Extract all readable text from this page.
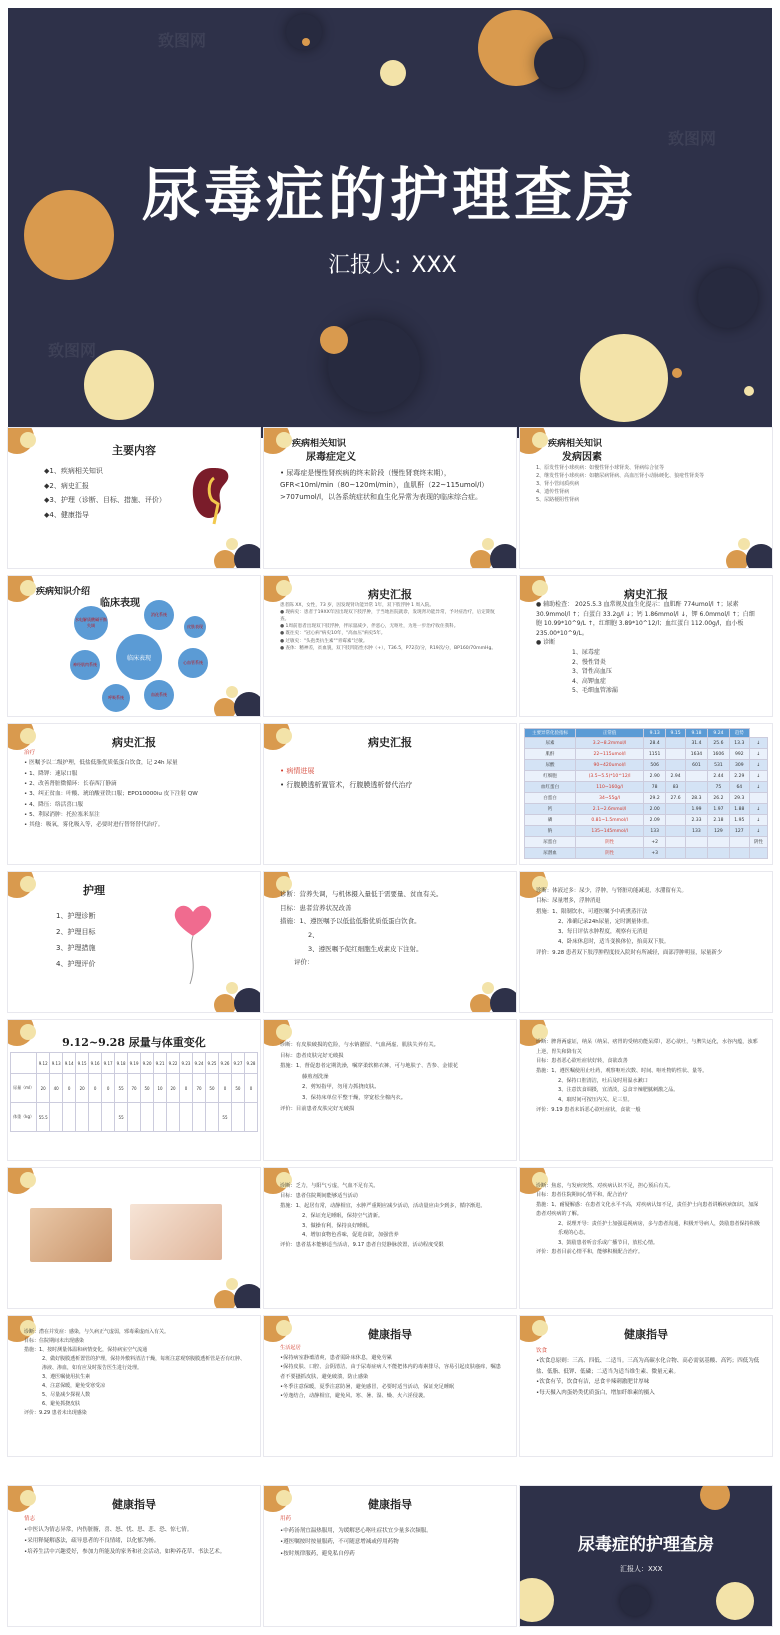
致图网
致图网
致图网
尿毒症的护理查房
汇报人: XXX
主要内容
◆1、疾病相关知识
◆2、病史汇报
◆3、护理（诊断、目标、措施、评价）
◆4、健康指导
疾病相关知识
尿毒症定义
• 尿毒症是慢性肾疾病的终末阶段（慢性肾衰终末期），GFR<10ml/min（80~120ml/min），血肌酐（22~115umol/l）>707umol/l，以各系统症状和血生化异常为表现的临床综合症。
疾病相关知识
发病因素
1、原发性肾小球疾病：如慢性肾小球肾炎、肾病综合征等
2、继发性肾小球疾病：如糖尿病肾病、高血压肾小动脉硬化、狼疮性肾炎等
3、肾小管间质疾病
4、遗传性肾病
5、尿路梗阻性肾病
疾病知识介绍
临床表现
临床表现
水电解质酸碱平衡失调
消化系统
心血管系统
血液系统
呼吸系统
神经肌肉系统
皮肤表现
病史汇报
患者陈 XX，女性，73 岁，因发现肾功能异常 1年，双下肢浮肿 1 周入院。
● 现病史：患者于19XX年因出现双下肢浮肿，于当地医院就诊，发现肾功能异常，予对症治疗，后定期复查。
● 1周前患者出现双下肢浮肿，伴尿量减少，伴恶心，无呕吐，为进一步治疗收住我科。
● 既往史："冠心病"病史10年，"高血压"病史5年。
● 过敏史："头孢类抗生素""青霉素"过敏。
● 查体：精神差，贫血貌，双下肢凹陷性水肿（+），T36.5，P72次/分，R19次/分，BP160/70mmHg。
病史汇报
● 辅助检查： 2025.5.3 血常规及血生化提示：血肌酐 774umol/l ↑；尿素 30.9mmol/l ↑；白蛋白 33.2g/l ↓；钙 1.86mmol/l ↓，钾 6.0mmol/l ↑；白细胞 10.99*10^9/L ↑，红细胞 3.89*10^12/l；血红蛋白 112.00g/l，血小板 235.00*10^9/L。
● 诊断
1、尿毒症
2、慢性肾炎
3、肾性高血压
4、高钾血症
5、毛细血管渗漏
病史汇报
治疗
• 医嘱予以二级护理，低盐低脂优质低蛋白饮食，记 24h 尿量
• 1、降钾：速尿口服
• 2、改善肾脏微循环：长春西汀静滴
• 3、纠正贫血：叶酸、琥珀酸亚铁口服；EPO10000iu 皮下注射 QW
• 4、降压：络活喜口服
• 5、利尿消肿：托拉塞米泵注
• 其他：吸氧，雾化吸入等，必要时进行替肾替代治疗。
病史汇报
• 病情进展
• 行腹膜透析置管术，行腹膜透析替代治疗
主要异常化验指标	正常值	9.13	9.15	9.18	9.24	趋势	
尿素	3.2~8.2mmol/l	28.4		31.4	25.6	13.3	↓
肌酐	22~115umol/l	1151		1634	1606	992	↓
尿酸	90~420umol/l	506		601	531	309	↓
红细胞	(3.5~5.5)*10^12/l	2.90	2.94		2.44	2.29	↓
血红蛋白	110~160g/l	78	83		75	64	↓
白蛋白	34~55g/l	29.2	27.6	28.3	26.2	29.3	
钙	2.1~2.6mmol/l	2.00		1.99	1.97	1.88	↓
磷	0.81~1.5mmol/l	2.09		2.33	2.18	1.95	↓
钠	135~145mmol/l	133		133	129	127	↓
尿蛋白	阴性	+2					阴性
尿潜血	阴性	+3					
护理
1、护理诊断
2、护理目标
3、护理措施
4、护理评价
诊断：营养失调，与机体摄入量低于需要量、贫血有关。
目标：患者营养状况改善
措施：1、遵医嘱予以低盐低脂优质低蛋白饮食。
2、
3、遵医嘱予促红细胞生成素皮下注射。
评价：
诊断：体液过多：尿少，浮肿，与肾脏功能减退，水潴留有关。
目标：尿量增多，浮肿消退
措施：1、限制饮水，可遵医嘱予中药熏蒸汗法
2、准确记录24h尿量，定时测量体重。
3、每日评估水肿程度，观察有无消退
4、卧床休息时，适当变换体位，抬高双下肢。
评价：9.28 患者双下肢浮肿程度较入院时有所减轻，面部浮肿明显，尿量新少
9.12~9.28 尿量与体重变化
	9.12	9.13	9.14	9.15	9.16	9.17	9.18	9.19	9.20	9.21	9.22	9.23	9.24	9.25	9.26	9.27	9.28
尿量（ml）	20	40	0	20	0	0	55	70	50	10	20	0	70	50	0	50	0
体重（kg）	55.5						55								55		
诊断：有皮肤破损的危险，与水钠潴留、气血两虚、肌肤失养有关。
目标：患者皮肤完好无破损
措施：1、督促患者定期洗澡，嘱穿柔软棉衣裤，可与地肤子、苦参、金银花
藤煎剂洗澡
2、剪短指甲，勿用力抓挠皮肤。
3、保持床单位平整干燥，穿宽松全棉内衣。
评价：目前患者皮肤完好无破损
诊断：脾肾两虚证，纳呆（纳呆、痞胃的受纳功能呆滞），恶心欲吐，与脾失运化，水谷内蕴，浊邪上逆，胃失和降有关
目标：患者恶心欲吐症状好转，食欲改善
措施：1、遵医嘱使用止吐药，观察呕吐次数、时间、呕吐物的性状、量等。
2、保持口腔清洁，吐后及时用温水漱口
3、注意饮食调摄，宜清淡，忌食辛辣肥腻刺激之品。
4、取时间可按压内关、足三里。
评价：9.19 患者未诉恶心欲吐症状，食欲一般
诊断：乏力，与阳气亏虚，气血不足有关。
目标：患者住院期间能够适当活动
措施：1、起居有常，动静相宜，水肿严重期应减少活动，活动量应由少到多，循序渐进。
2、保证充足睡眠，保持空气清新。
3、做操有利，保持良好睡眠。
4、增加食物色香味，促进食欲，加强营养
评价：患者基本能够适当活动，9.17 患者自觉静脉放置，活动程度受限
诊断：焦虑，与发病突然、对疾病认识不足，担心预后有关。
目标：患者住院期间心情平和，配合治疗
措施：1、耐疑解惑：在患者文化水平不高，对疾病认知不足，责任护士向患者讲解疾病知识，加深患者对疾病的了解。
2、说理开导：责任护士加强巡视病房，多与患者沟通，积极开导病人，鼓励患者保持积极乐观的心态。
3、鼓励患者听音乐或广播节目，放松心情。
评价：患者目前心情平和，能够积极配合治疗。
诊断：潜在并发症：感染，与久病正气虚弱，邪毒乘虚而入有关。
目标：住院期间未出现感染
措施：1、按时测量体温和病情变化，保持病室空气流通
2、做好腹膜透析置管的护理，保持外敷料清洁干燥，每班注意观察腹膜透析管是否有红肿、渗液、渗血，如有应及时报告医生进行处理。
3、遵医嘱使用抗生素
4、注意保暖，避免受寒受凉
5、尽量减少探视人数
6、避免抓挠皮肤
评价：9.29 患者未出现感染
健康指导
生活起居
•保持病室静谧清爽，患者需卧床休息，避免劳累
•保持皮肤、口腔、会阴清洁，由于尿毒症病人不能把体内的毒素排尽，容易引起皮肤瘙痒，嘱患者不要搔抓皮肤，避免破溃，防止感染
•冬季注意保暖，夏季注意防暑，避免感冒，必要时适当活动，保证充足睡眠
•劳逸结合，动静相宜，避免风、寒、暑、湿、燥、火六淫侵袭。
健康指导
饮食
•饮食总原则：三高、四低、二适当。三高为高碳水化合物、高必需氨基酸、高钙；四低为低盐、低脂、低钾、低磷；二适当为适当维生素、微量元素。
•饮食有节，饮食有洁，忌食辛辣刺激肥甘厚味
•每天摄入肉蛋奶类优质蛋白，增加纤维素的摄入
健康指导
情志
•中医认为情志异常，内伤脏腑，喜、怒、忧、思、悲、恐、惊七情。
•采用释疑解惑法，疏导患者的不良情绪，以化郁为畅。
•培养生活中兴趣爱好，参加力所能及的家务和社会活动，如种养花草、书法艺术。
健康指导
用药
•中药汤剂宜温热服用，为缓解恶心呕吐症状宜少量多次频服。
•遵医嘱按时按量服药，不可随意增减或停用药物
•按时规律服药，避免私自停药	尿毒症的护理查房
汇报人：XXX
